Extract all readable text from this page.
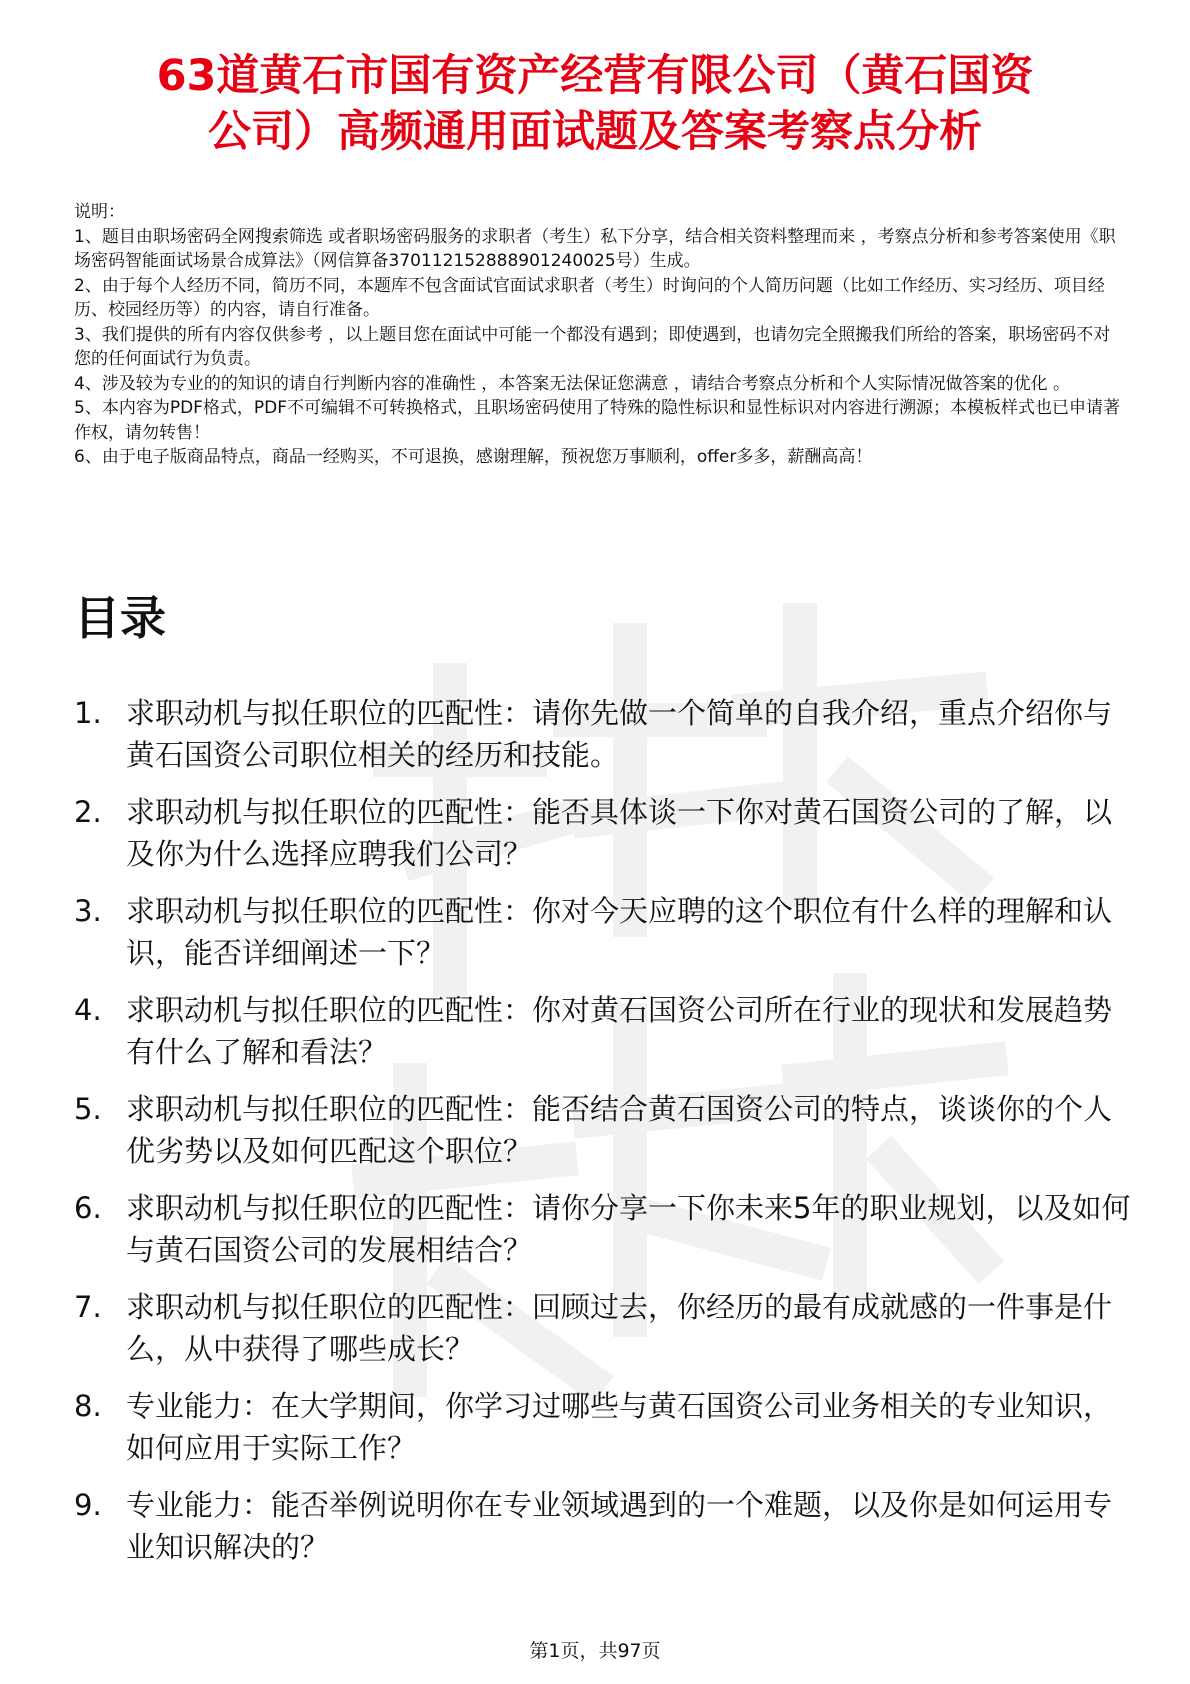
63道黄石市国有资产经营有限公司（黄石国资
公司）高频通用面试题及答案考察点分析

说明：

1、题目由职场密码全网搜索筛选 或者职场密码服务的求职者（考生）私下分享，结合相关资料整理而来 ，考察点分析和参考答案使用《职场密码智能面试场景合成算法》（网信算备370112152888901240025号）生成。

2、由于每个人经历不同，简历不同，本题库不包含面试官面试求职者（考生）时询问的个人简历问题（比如工作经历、实习经历、项目经历、校园经历等）的内容，请自行准备。

3、我们提供的所有内容仅供参考 ，以上题目您在面试中可能一个都没有遇到；即使遇到，也请勿完全照搬我们所给的答案，职场密码不对您的任何面试行为负责。

4、涉及较为专业的的知识的请自行判断内容的准确性 ，本答案无法保证您满意 ，请结合考察点分析和个人实际情况做答案的优化 。

5、本内容为PDF格式，PDF不可编辑不可转换格式，且职场密码使用了特殊的隐性标识和显性标识对内容进行溯源；本模板样式也已申请著作权，请勿转售！

6、由于电子版商品特点，商品一经购买，不可退换，感谢理解，预祝您万事顺利，offer多多，薪酬高高！

目录
1. 求职动机与拟任职位的匹配性：请你先做一个简单的自我介绍，重点介绍你与黄石国资公司职位相关的经历和技能。
2. 求职动机与拟任职位的匹配性：能否具体谈一下你对黄石国资公司的了解，以及你为什么选择应聘我们公司？
3. 求职动机与拟任职位的匹配性：你对今天应聘的这个职位有什么样的理解和认识，能否详细阐述一下？
4. 求职动机与拟任职位的匹配性：你对黄石国资公司所在行业的现状和发展趋势有什么了解和看法？
5. 求职动机与拟任职位的匹配性：能否结合黄石国资公司的特点，谈谈你的个人优劣势以及如何匹配这个职位？
6. 求职动机与拟任职位的匹配性：请你分享一下你未来5年的职业规划，以及如何与黄石国资公司的发展相结合？
7. 求职动机与拟任职位的匹配性：回顾过去，你经历的最有成就感的一件事是什么，从中获得了哪些成长？
8. 专业能力：在大学期间，你学习过哪些与黄石国资公司业务相关的专业知识，如何应用于实际工作？
9. 专业能力：能否举例说明你在专业领域遇到的一个难题，以及你是如何运用专业知识解决的？
第1页，共97页
